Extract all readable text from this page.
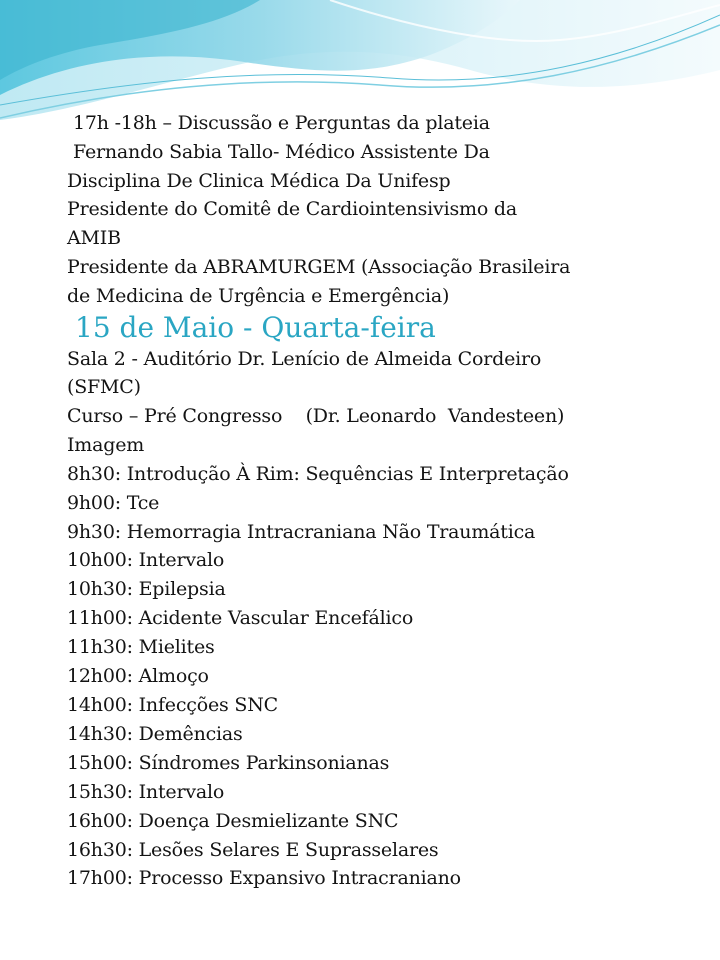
17h -18h – Discussão e Perguntas da plateia
Fernando Sabia Tallo- Médico Assistente Da
Disciplina De Clinica Médica Da Unifesp
Presidente do Comitê de Cardiointensivismo da
AMIB
Presidente da ABRAMURGEM (Associação Brasileira
de Medicina de Urgência e Emergência)
15 de Maio - Quarta-feira
Sala 2 - Auditório Dr. Lenício de Almeida Cordeiro
(SFMC)
Curso – Pré Congresso    (Dr. Leonardo  Vandesteen)
Imagem
8h30: Introdução À Rim: Sequências E Interpretação
9h00: Tce
9h30: Hemorragia Intracraniana Não Traumática
10h00: Intervalo
10h30: Epilepsia
11h00: Acidente Vascular Encefálico
11h30: Mielites
12h00: Almoço
14h00: Infecções SNC
14h30: Demências
15h00: Síndromes Parkinsonianas
15h30: Intervalo
16h00: Doença Desmielizante SNC
16h30: Lesões Selares E Suprasselares
17h00: Processo Expansivo Intracraniano
